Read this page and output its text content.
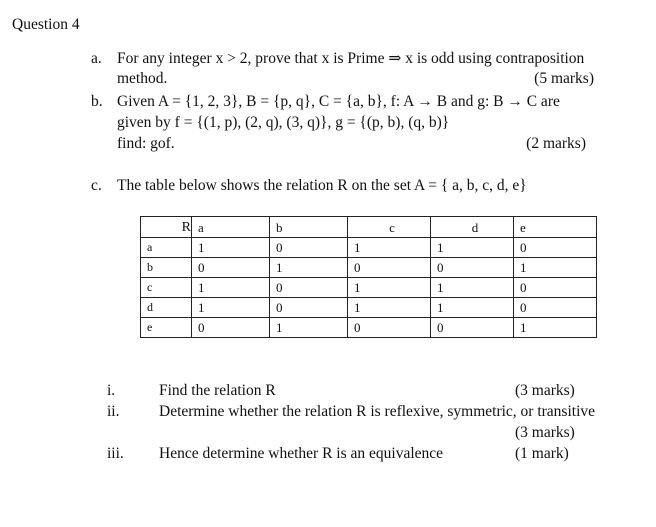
Question 4
a. For any integer x > 2, prove that x is Prime ⇒ x is odd using contraposition
method.	(5 marks)
b. Given A = {1, 2, 3}, B = {p, q}, C = {a, b}, f: A → B and g: B → C are
given by f = {(1, p), (2, q), (3, q)}, g = {(p, b), (q, b)}
find: gof.	(2 marks)
c. The table below shows the relation R on the set A = { a, b, c, d, e}
R	a	b	c	d	e
a	1	0	1	1	0
b	0	1	0	0	1
c	1	0	1	1	0
d	1	0	1	1	0
e	0	1	0	0	1
i.	Find the relation R	(3 marks)
ii.	Determine whether the relation R is reflexive, symmetric, or transitive
(3 marks)
iii. Hence determine whether R is an equivalence	(1 mark)
